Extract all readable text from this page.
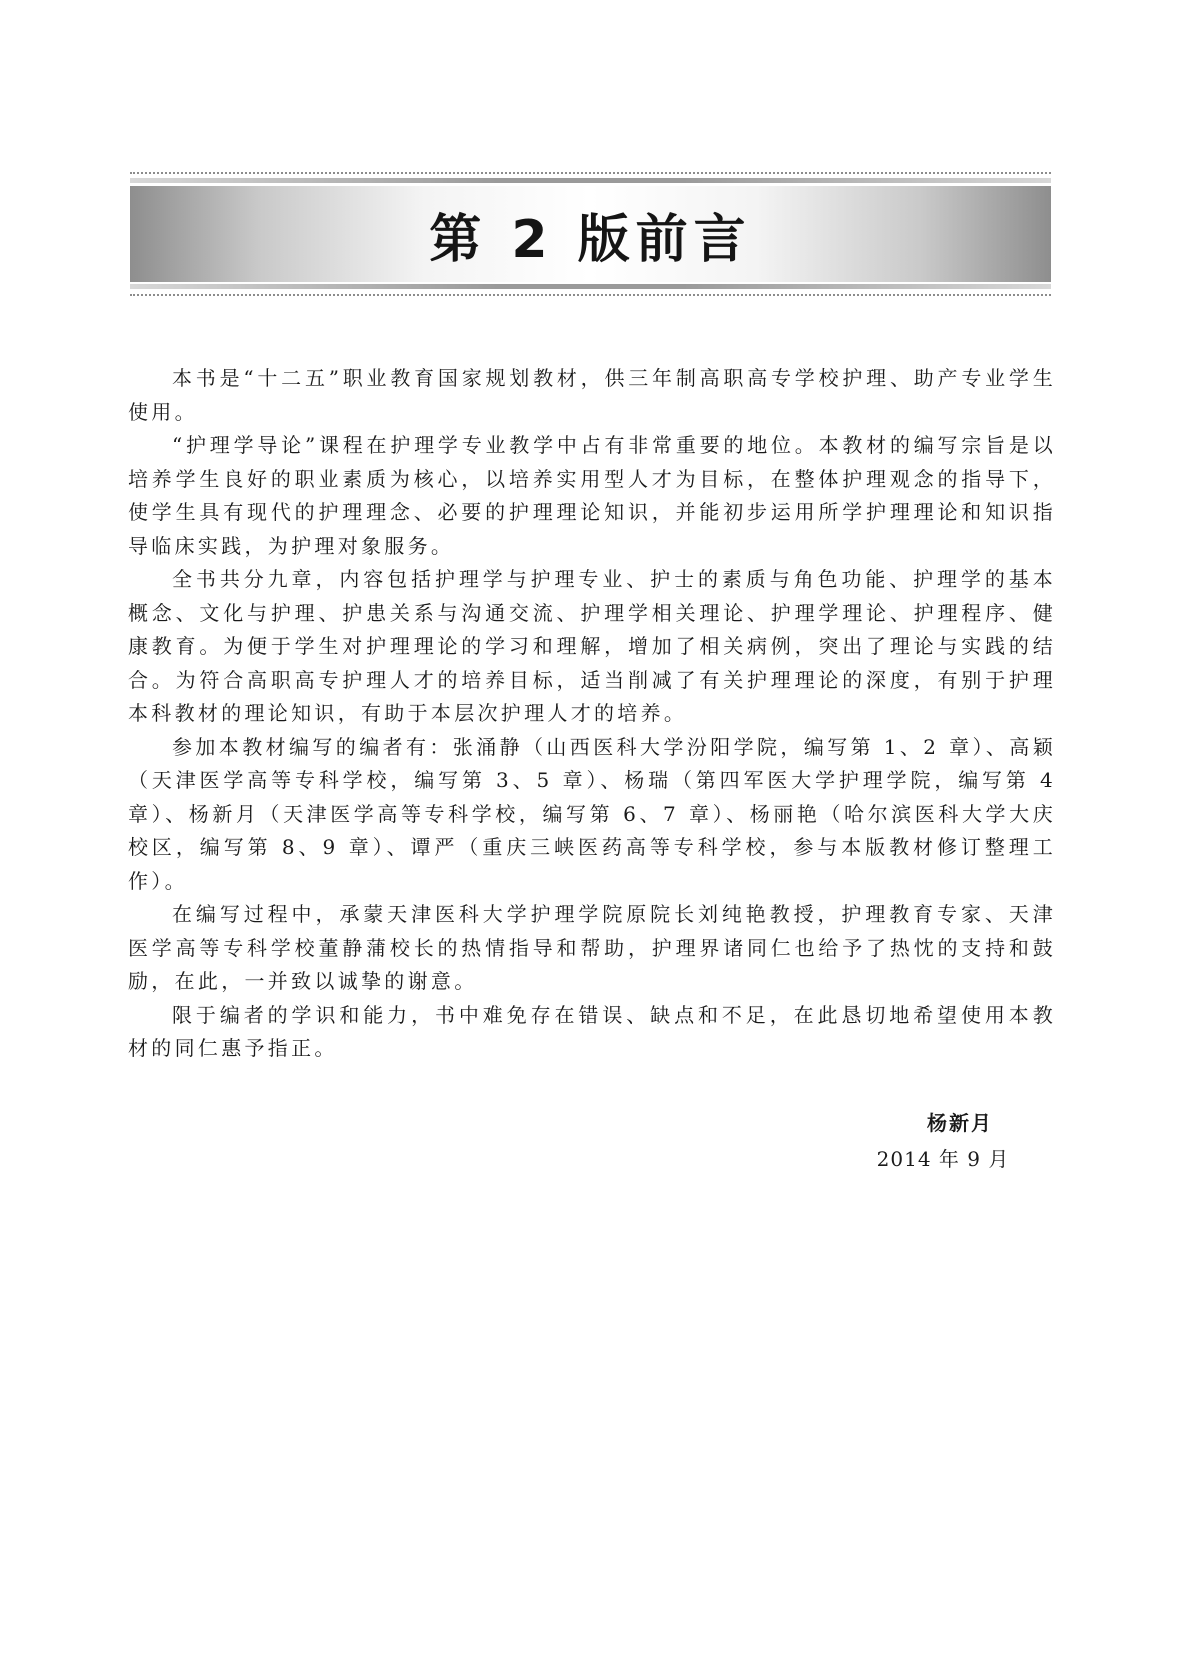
第 2 版前言

本书是“十二五”职业教育国家规划教材，供三年制高职高专学校护理、助产专业学生使用。

“护理学导论”课程在护理学专业教学中占有非常重要的地位。本教材的编写宗旨是以培养学生良好的职业素质为核心，以培养实用型人才为目标，在整体护理观念的指导下，使学生具有现代的护理理念、必要的护理理论知识，并能初步运用所学护理理论和知识指导临床实践，为护理对象服务。

全书共分九章，内容包括护理学与护理专业、护士的素质与角色功能、护理学的基本概念、文化与护理、护患关系与沟通交流、护理学相关理论、护理学理论、护理程序、健康教育。为便于学生对护理理论的学习和理解，增加了相关病例，突出了理论与实践的结合。为符合高职高专护理人才的培养目标，适当削减了有关护理理论的深度，有别于护理本科教材的理论知识，有助于本层次护理人才的培养。

参加本教材编写的编者有：张涌静（山西医科大学汾阳学院，编写第 1、2 章）、高颖（天津医学高等专科学校，编写第 3、5 章）、杨瑞（第四军医大学护理学院，编写第 4 章）、杨新月（天津医学高等专科学校，编写第 6、7 章）、杨丽艳（哈尔滨医科大学大庆校区，编写第 8、9 章）、谭严（重庆三峡医药高等专科学校，参与本版教材修订整理工作）。

在编写过程中，承蒙天津医科大学护理学院原院长刘纯艳教授，护理教育专家、天津医学高等专科学校董静蒲校长的热情指导和帮助，护理界诸同仁也给予了热忱的支持和鼓励，在此，一并致以诚挚的谢意。

限于编者的学识和能力，书中难免存在错误、缺点和不足，在此恳切地希望使用本教材的同仁惠予指正。

杨新月
2014 年 9 月
